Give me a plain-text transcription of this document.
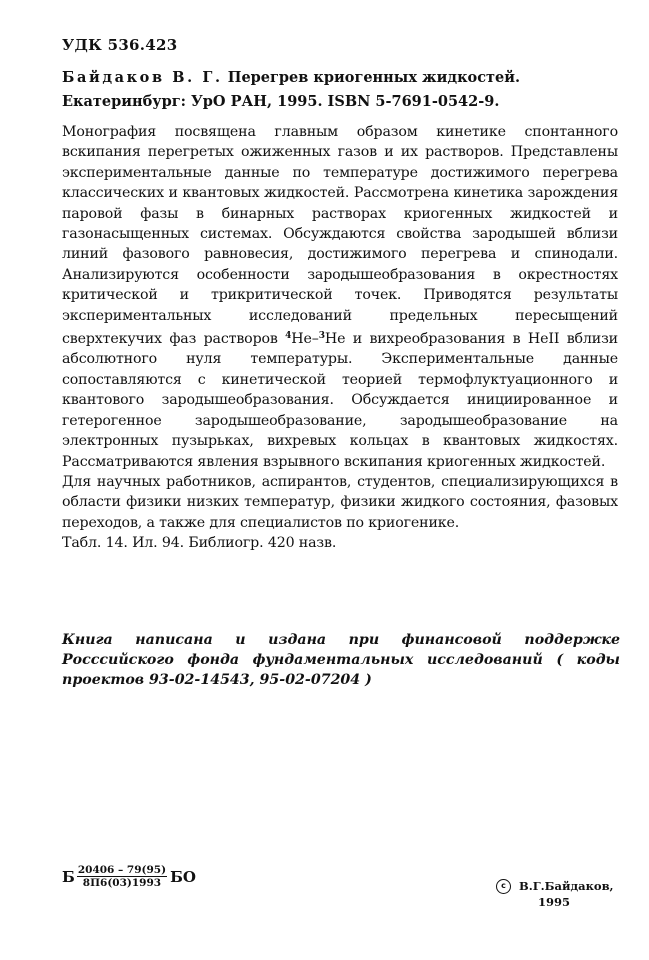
УДК 536.423
Байдаков В. Г. Перегрев криогенных жидкостей.
Екатеринбург: УрО РАН, 1995. ISBN 5-7691-0542-9.

Монография посвящена главным образом кинетике спонтанного вскипания перегретых ожиженных газов и их растворов. Представлены экспериментальные данные по температуре достижимого перегрева классических и квантовых жидкостей. Рассмотрена кинетика зарождения паровой фазы в бинарных растворах криогенных жидкостей и газонасыщенных системах. Обсуждаются свойства зародышей вблизи линий фазового равновесия, достижимого перегрева и спинодали. Анализируются особенности зародышеобразования в окрестностях критической и трикритической точек. Приводятся результаты экспериментальных исследований предельных пересыщений сверхтекучих фаз растворов $^4$He–$^3$He и вихреобразования в HeII вблизи абсолютного нуля температуры. Экспериментальные данные сопоставляются с кинетической теорией термофлуктуационного и квантового зародышеобразования. Обсуждается инициированное и гетерогенное зародышеобразование, зародышеобразование на электронных пузырьках, вихревых кольцах в квантовых жидкостях. Рассматриваются явления взрывного вскипания криогенных жидкостей.

Для научных работников, аспирантов, студентов, специализирующихся в области физики низких температур, физики жидкого состояния, фазовых переходов, а также для специалистов по криогенике.

Табл. 14. Ил. 94. Библиогр. 420 назв.

Книга написана и издана при финансовой поддержке Росссийского фонда фундаментальных исследований ( коды проектов 93-02-14543, 95-02-07204 )
Б $\frac{20406 - 79(95)}{8П6(03)1993}$ БО	c	В.Г.Байдаков,
1995
